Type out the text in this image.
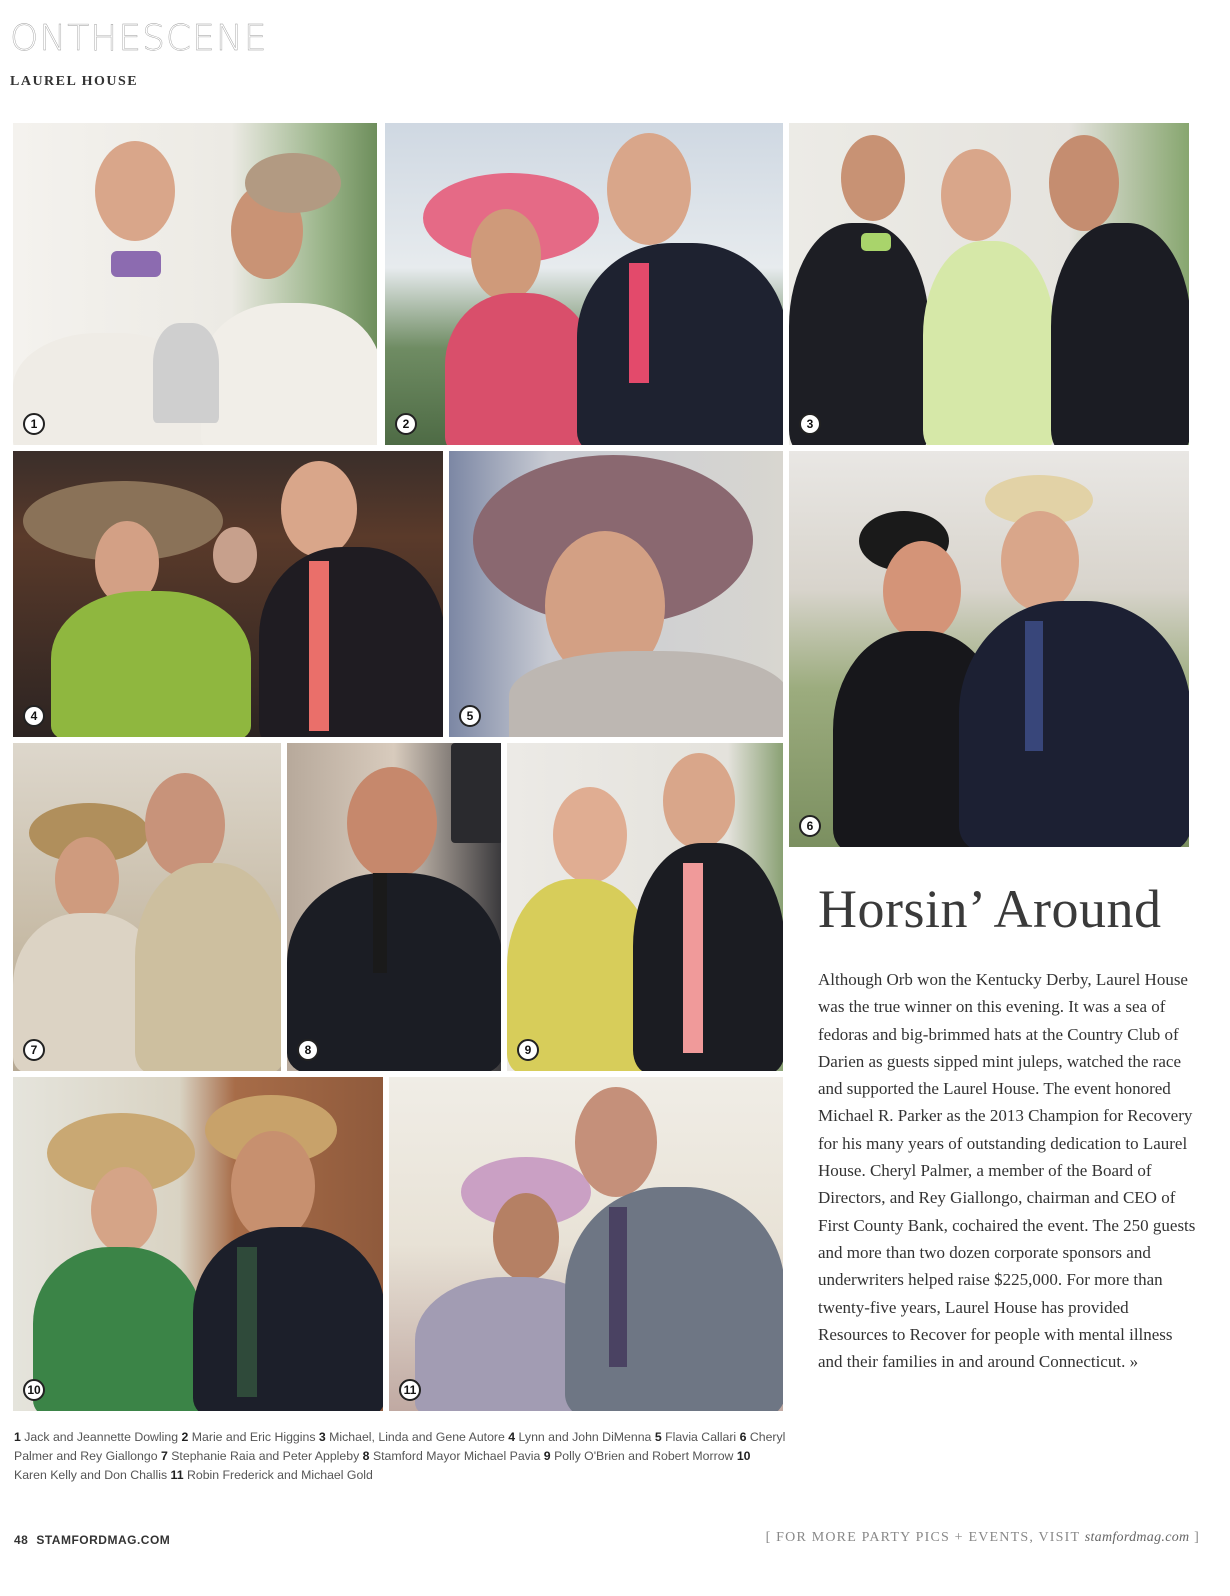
ONTHESCENE
LAUREL HOUSE
1	2	3
4	5
6
7	8	9
10	11
1 Jack and Jeannette Dowling 2 Marie and Eric Higgins 3 Michael, Linda and Gene Autore 4 Lynn and John DiMenna 5 Flavia Callari 6 Cheryl Palmer and Rey Giallongo 7 Stephanie Raia and Peter Appleby 8 Stamford Mayor Michael Pavia 9 Polly O'Brien and Robert Morrow 10 Karen Kelly and Don Challis 11 Robin Frederick and Michael Gold
Horsin’ Around
Although Orb won the Kentucky Derby, Laurel House was the true winner on this evening. It was a sea of fedoras and big-brimmed hats at the Country Club of Darien as guests sipped mint juleps, watched the race and supported the Laurel House. The event honored Michael R. Parker as the 2013 Champion for Recovery for his many years of outstanding dedication to Laurel House. Cheryl Palmer, a member of the Board of Directors, and Rey Giallongo, chairman and CEO of First County Bank, cochaired the event. The 250 guests and more than two dozen corporate sponsors and underwriters helped raise $225,000. For more than twenty-five years, Laurel House has provided Resources to Recover for people with mental illness and their families in and around Connecticut. »
48 STAMFORDMAG.COM	[ FOR MORE PARTY PICS + EVENTS, VISIT stamfordmag.com ]
